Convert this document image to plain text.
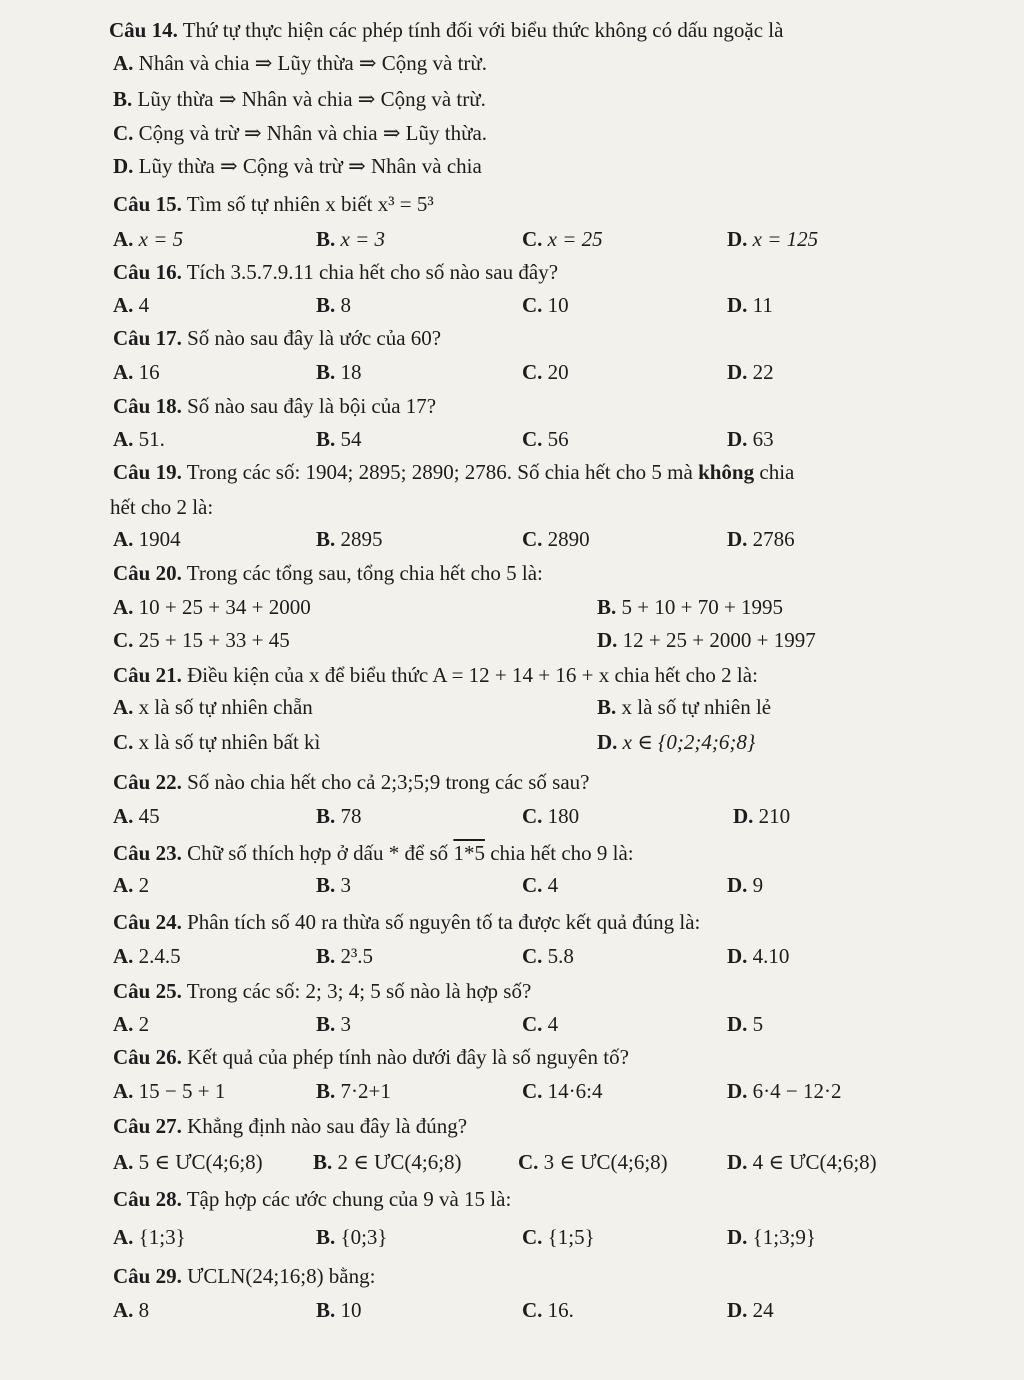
Câu 14. Thứ tự thực hiện các phép tính đối với biểu thức không có dấu ngoặc là
A. Nhân và chia ⇒ Lũy thừa ⇒ Cộng và trừ.
B. Lũy thừa ⇒ Nhân và chia ⇒ Cộng và trừ.
C. Cộng và trừ ⇒ Nhân và chia ⇒ Lũy thừa.
D. Lũy thừa ⇒ Cộng và trừ ⇒ Nhân và chia
Câu 15. Tìm số tự nhiên x biết x³ = 5³
A. x = 5	B. x = 3	C. x = 25	D. x = 125
Câu 16. Tích 3.5.7.9.11 chia hết cho số nào sau đây?
A. 4	B. 8	C. 10	D. 11
Câu 17. Số nào sau đây là ước của 60?
A. 16	B. 18	C. 20	D. 22
Câu 18. Số nào sau đây là bội của 17?
A. 51.	B. 54	C. 56	D. 63
Câu 19. Trong các số: 1904; 2895; 2890; 2786. Số chia hết cho 5 mà không chia
hết cho 2 là:
A. 1904	B. 2895	C. 2890	D. 2786
Câu 20. Trong các tổng sau, tổng chia hết cho 5 là:
A. 10 + 25 + 34 + 2000	B. 5 + 10 + 70 + 1995
C. 25 + 15 + 33 + 45	D. 12 + 25 + 2000 + 1997
Câu 21. Điều kiện của x để biểu thức A = 12 + 14 + 16 + x chia hết cho 2 là:
A. x là số tự nhiên chẵn	B. x là số tự nhiên lẻ
C. x là số tự nhiên bất kì	D. x ∈ {0;2;4;6;8}
Câu 22. Số nào chia hết cho cả 2;3;5;9 trong các số sau?
A. 45	B. 78	C. 180	D. 210
Câu 23. Chữ số thích hợp ở dấu * để số 1*5 chia hết cho 9 là:
A. 2	B. 3	C. 4	D. 9
Câu 24. Phân tích số 40 ra thừa số nguyên tố ta được kết quả đúng là:
A. 2.4.5	B. 2³.5	C. 5.8	D. 4.10
Câu 25. Trong các số: 2; 3; 4; 5 số nào là hợp số?
A. 2	B. 3	C. 4	D. 5
Câu 26. Kết quả của phép tính nào dưới đây là số nguyên tố?
A. 15 − 5 + 1	B. 7·2+1	C. 14·6:4	D. 6·4 − 12·2
Câu 27. Khẳng định nào sau đây là đúng?
A. 5 ∈ ƯC(4;6;8) B. 2 ∈ ƯC(4;6;8)	C. 3 ∈ ƯC(4;6;8)	D. 4 ∈ ƯC(4;6;8)
Câu 28. Tập hợp các ước chung của 9 và 15 là:
A. {1;3}	B. {0;3}	C. {1;5}	D. {1;3;9}
Câu 29. ƯCLN(24;16;8) bằng:
A. 8	B. 10	C. 16.	D. 24
